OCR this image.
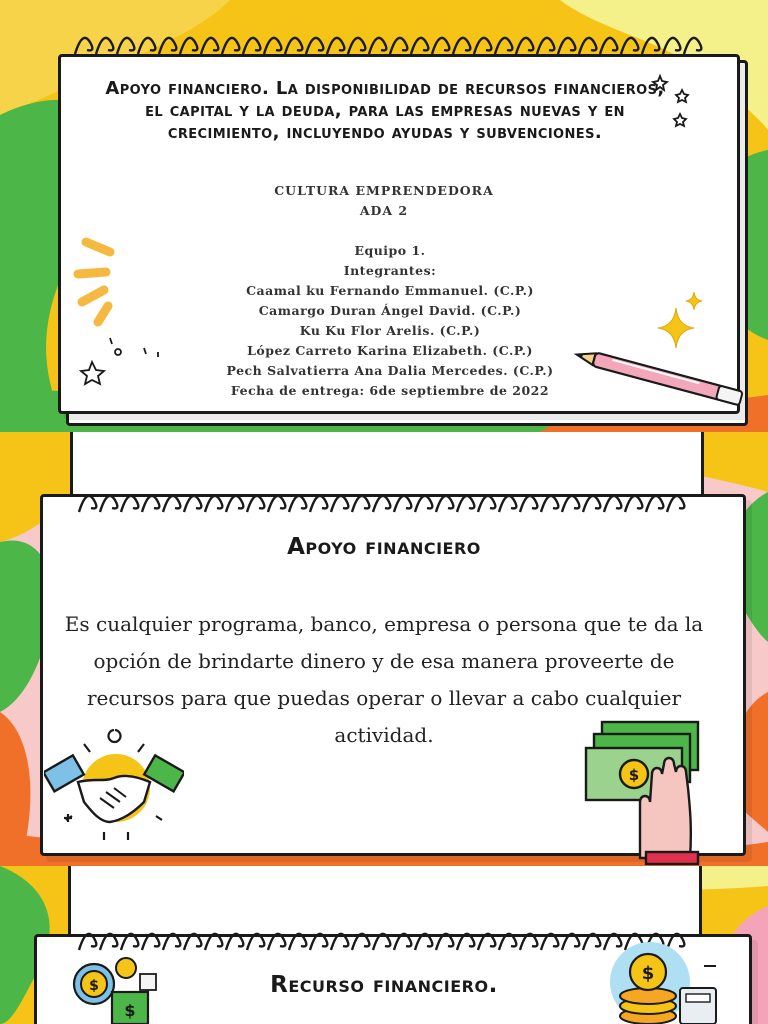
Apoyo financiero. La disponibilidad de recursos financieros, el capital y la deuda, para las empresas nuevas y en crecimiento, incluyendo ayudas y subvenciones.

CULTURA EMPRENDEDORA

ADA 2

Equipo 1.
Integrantes:
Caamal ku Fernando Emmanuel. (C.P.)
Camargo Duran Ángel David. (C.P.)
Ku Ku Flor Arelis. (C.P.)
López Carreto Karina Elizabeth. (C.P.)
Pech Salvatierra Ana Dalia Mercedes. (C.P.)
Fecha de entrega: 6de septiembre de 2022
Apoyo financiero

Es cualquier programa, banco, empresa o persona que te da la opción de brindarte dinero y de esa manera proveerte de recursos para que puedas operar o llevar a cabo cualquier actividad.

$
Recurso financiero.
$
$
$
